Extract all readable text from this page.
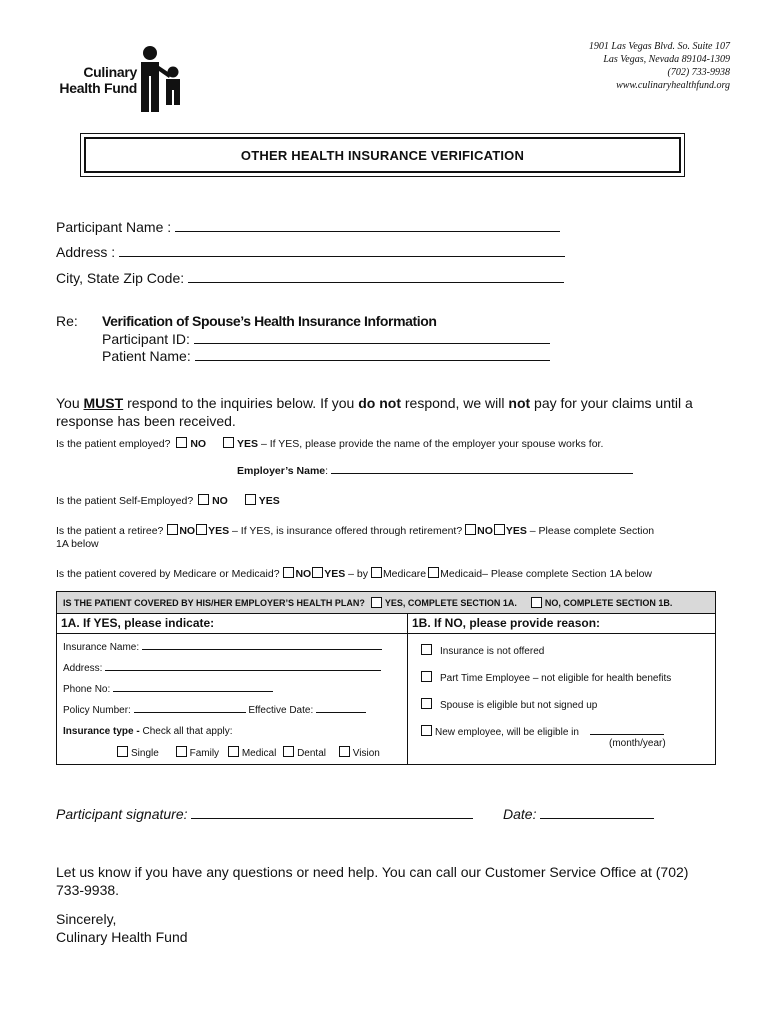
Culinary
Health Fund
1901 Las Vegas Blvd. So. Suite 107
Las Vegas, Nevada 89104-1309
(702) 733-9938
www.culinaryhealthfund.org
OTHER HEALTH INSURANCE VERIFICATION
Participant Name :
Address :
City, State Zip Code:
Re: Verification of Spouse’s Health Insurance Information
Participant ID:
Patient Name:
You MUST respond to the inquiries below. If you do not respond, we will not pay for your claims until a
response has been received.
Is the patient employed? NO	YES – If YES, please provide the name of the employer your spouse works for.
Employer’s Name:
Is the patient Self-Employed? NO	YES
Is the patient a retiree? NO YES – If YES, is insurance offered through retirement? NO YES – Please complete Section
1A below
Is the patient covered by Medicare or Medicaid? NO YES – by Medicare Medicaid– Please complete Section 1A below
IS THE PATIENT COVERED BY HIS/HER EMPLOYER’S HEALTH PLAN? YES, COMPLETE SECTION 1A.	NO, COMPLETE SECTION 1B.
1A. If YES, please indicate:	1B. If NO, please provide reason:
Insurance Name:
Address:
Phone No:
Policy Number:	Effective Date:
Insurance type - Check all that apply:
Single	Family Medical Dental	Vision
Insurance is not offered
Part Time Employee – not eligible for health benefits
Spouse is eligible but not signed up
New employee, will be eligible in
(month/year)
Participant signature:	Date:
Let us know if you have any questions or need help. You can call our Customer Service Office at (702)
733-9938.
Sincerely,
Culinary Health Fund
